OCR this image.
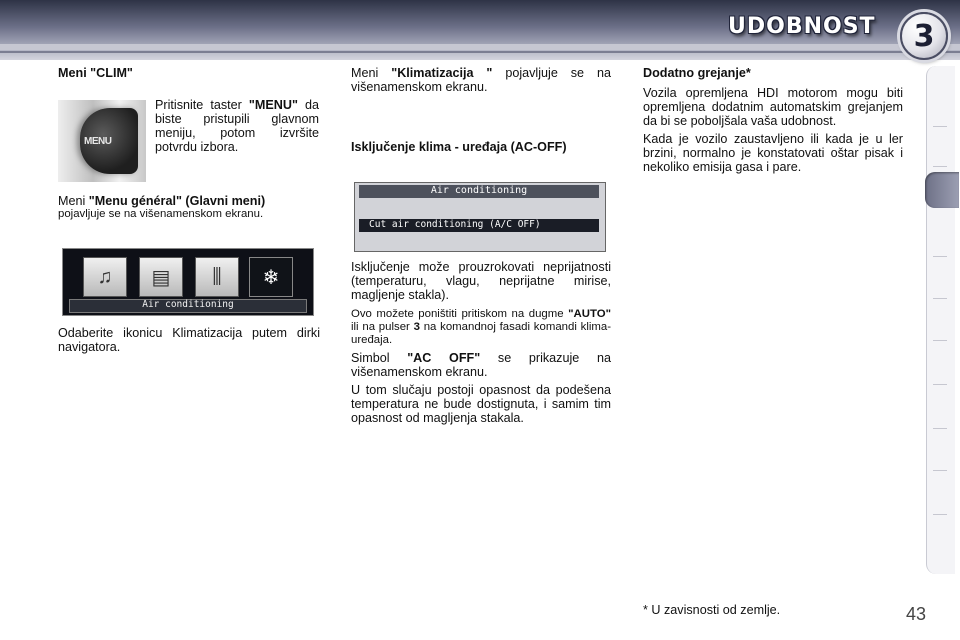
UDOBNOST 3

Meni "CLIM"

MENU

Pritisnite taster "MENU" da biste pristupili glavnom meniju, potom izvršite potvrdu izbora.

Meni "Menu général" (Glavni meni)

pojavljuje se na višenamenskom ekranu.

♫	▤	⫼	❄
Air conditioning

Odaberite ikonicu Klimatizacija putem dirki navigatora.

Meni "Klimatizacija " pojavljuje se na višenamenskom ekranu.

Isključenje klima - uređaja (AC-OFF)

Air conditioning
Cut air conditioning (A/C OFF)

Isključenje može prouzrokovati neprijatnosti (temperaturu, vlagu, neprijatne mirise, magljenje stakla).

Ovo možete poništiti pritiskom na dugme "AUTO" ili na pulser 3 na komandnoj fasadi komandi klima-uređaja.

Simbol "AC OFF" se prikazuje na višenamenskom ekranu.

U tom slučaju postoji opasnost da podešena temperatura ne bude dostignuta, i samim tim opasnost od magljenja stakala.

Dodatno grejanje*

Vozila opremljena HDI motorom mogu biti opremljena dodatnim automatskim grejanjem da bi se poboljšala vaša udobnost.

Kada je vozilo zaustavljeno ili kada je u ler brzini, normalno je konstatovati oštar pisak i nekoliko emisija gasa i pare.

* U zavisnosti od zemlje.	43
